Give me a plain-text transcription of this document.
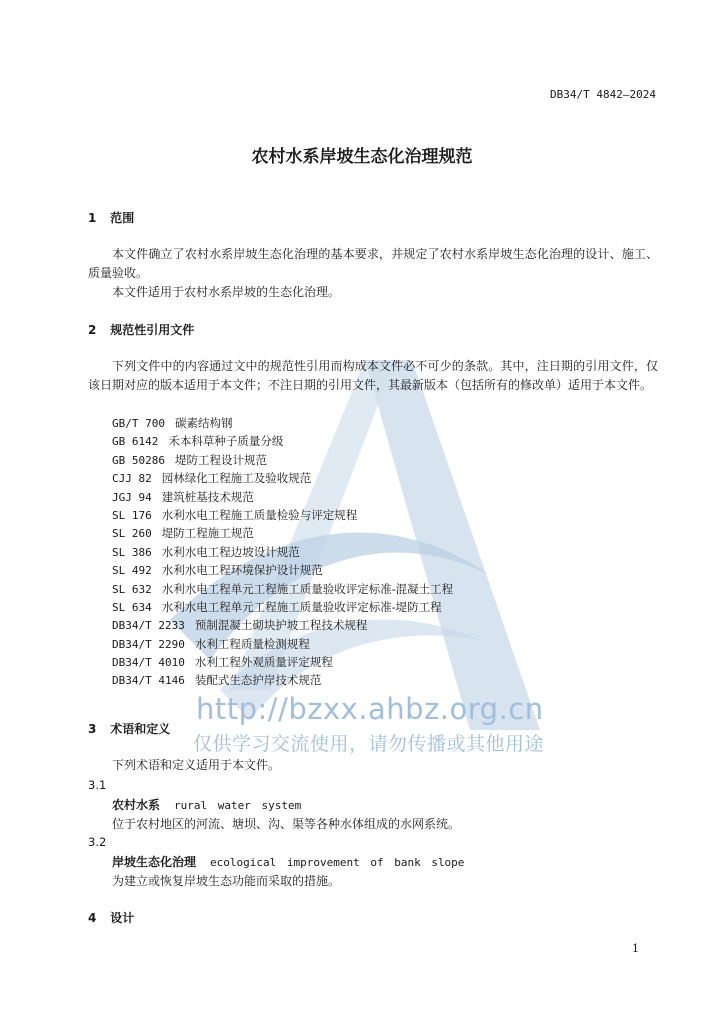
http://bzxx.ahbz.org.cn
仅供学习交流使用，请勿传播或其他用途
DB34/T 4842—2024
农村水系岸坡生态化治理规范
1 范围

本文件确立了农村水系岸坡生态化治理的基本要求，并规定了农村水系岸坡生态化治理的设计、施工、质量验收。

本文件适用于农村水系岸坡的生态化治理。

2 规范性引用文件

下列文件中的内容通过文中的规范性引用而构成本文件必不可少的条款。其中，注日期的引用文件，仅该日期对应的版本适用于本文件；不注日期的引用文件，其最新版本（包括所有的修改单）适用于本文件。

GB/T 700 碳素结构钢
GB 6142 禾本科草种子质量分级
GB 50286 堤防工程设计规范
CJJ 82 园林绿化工程施工及验收规范
JGJ 94 建筑桩基技术规范
SL 176 水利水电工程施工质量检验与评定规程
SL 260 堤防工程施工规范
SL 386 水利水电工程边坡设计规范
SL 492 水利水电工程环境保护设计规范
SL 632 水利水电工程单元工程施工质量验收评定标准-混凝土工程
SL 634 水利水电工程单元工程施工质量验收评定标准-堤防工程
DB34/T 2233 预制混凝土砌块护坡工程技术规程
DB34/T 2290 水利工程质量检测规程
DB34/T 4010 水利工程外观质量评定规程
DB34/T 4146 装配式生态护岸技术规范
3 术语和定义

下列术语和定义适用于本文件。

3.1
农村水系 rural water system
位于农村地区的河流、塘坝、沟、渠等各种水体组成的水网系统。
3.2
岸坡生态化治理 ecological improvement of bank slope
为建立或恢复岸坡生态功能而采取的措施。
4 设计
1
